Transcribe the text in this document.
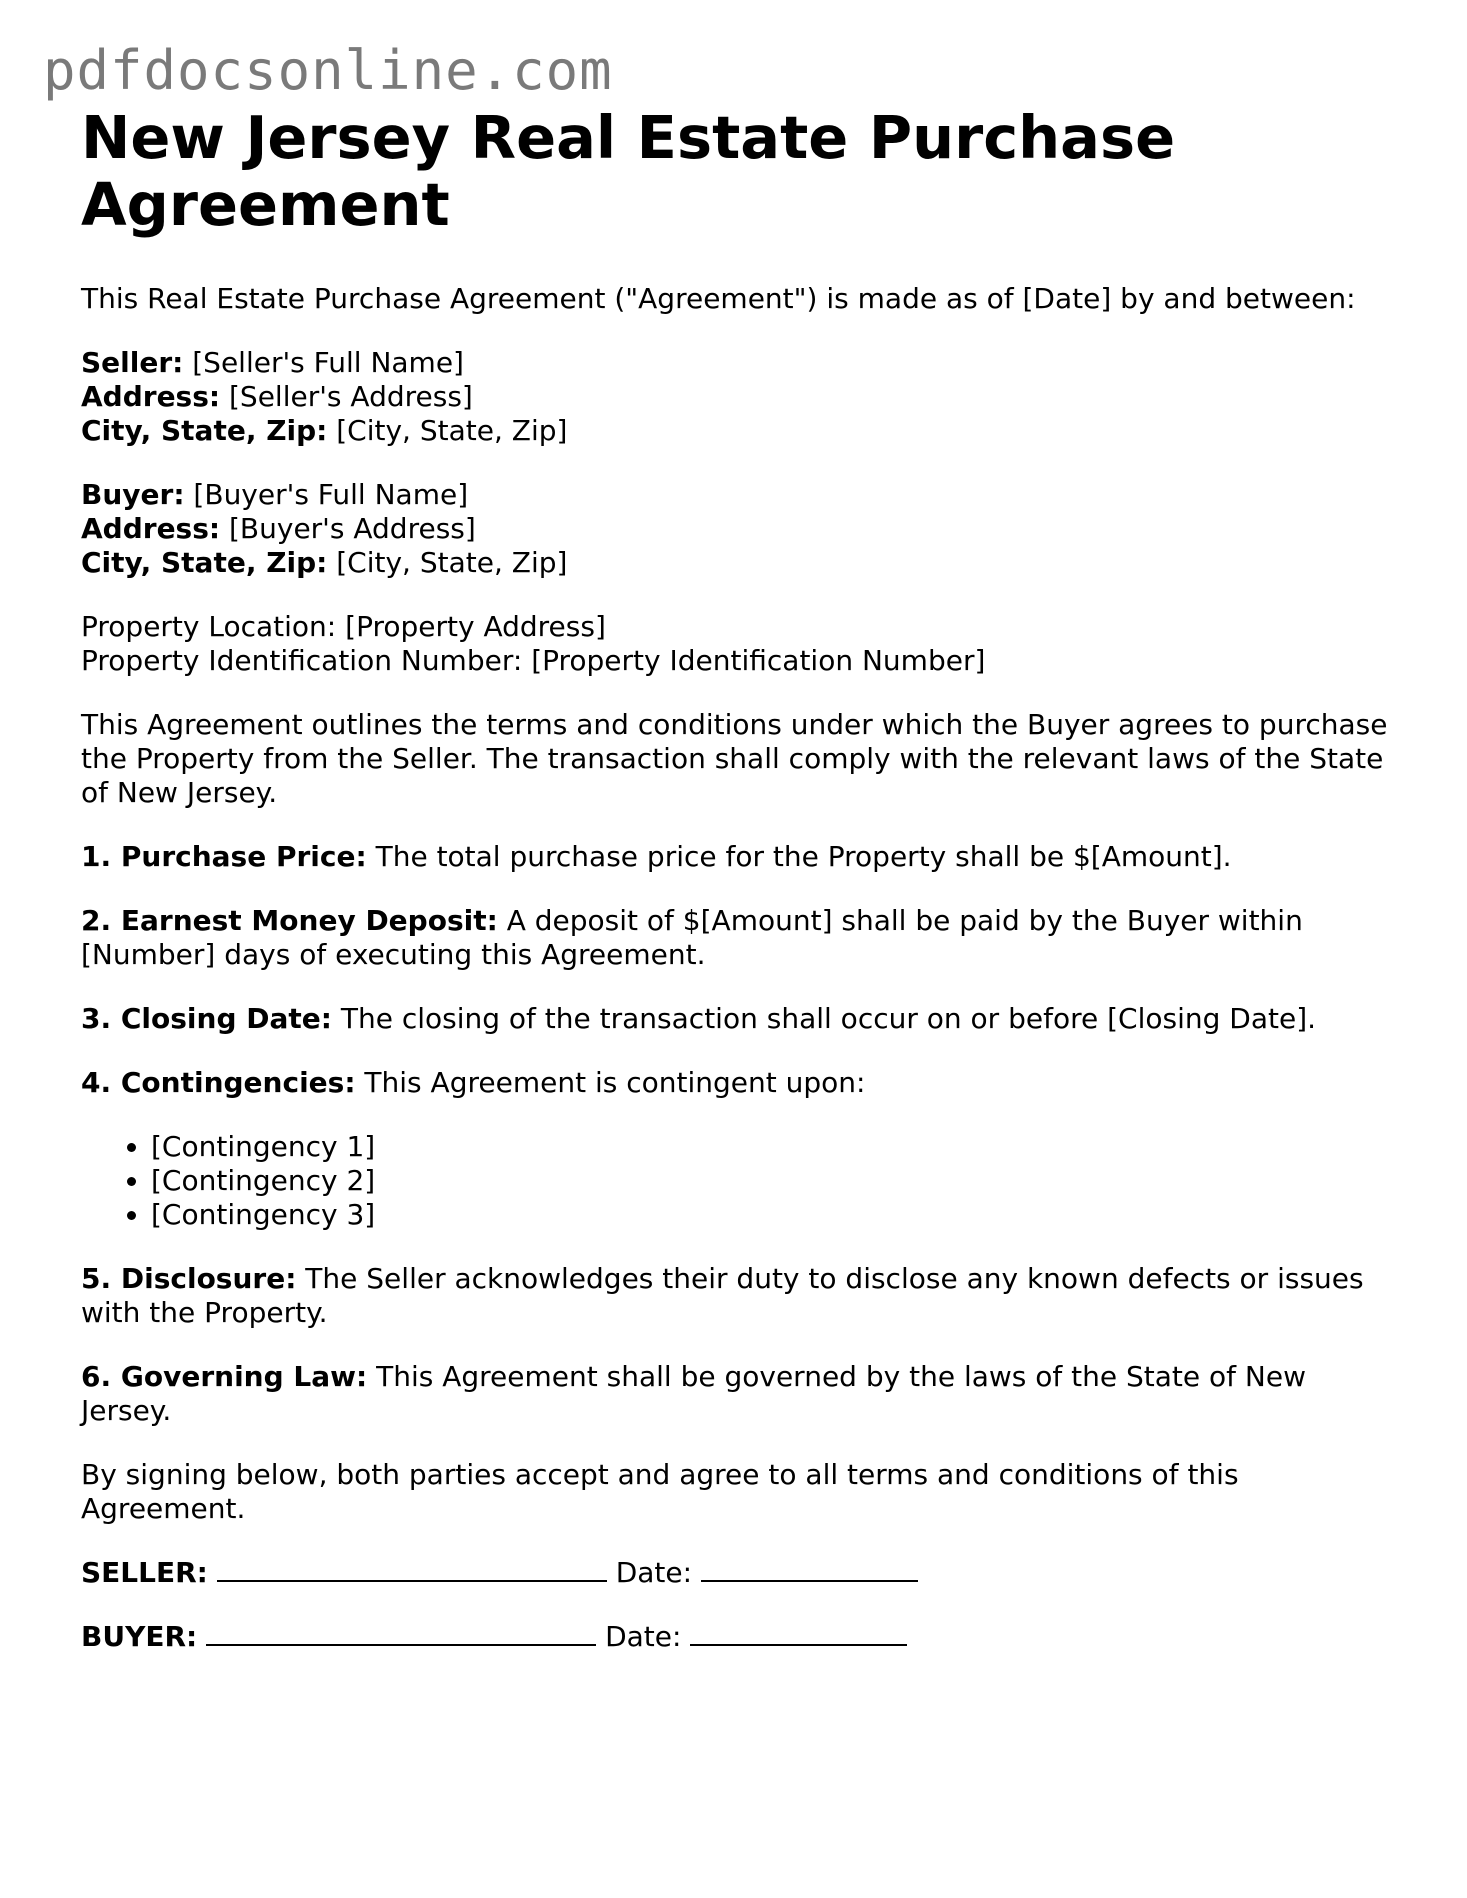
pdfdocsonline.com
New Jersey Real Estate Purchase Agreement

This Real Estate Purchase Agreement ("Agreement") is made as of [Date] by and between:

Seller: [Seller's Full Name]
Address: [Seller's Address]
City, State, Zip: [City, State, Zip]
Buyer: [Buyer's Full Name]
Address: [Buyer's Address]
City, State, Zip: [City, State, Zip]
Property Location: [Property Address]
Property Identification Number: [Property Identification Number]

This Agreement outlines the terms and conditions under which the Buyer agrees to purchase the Property from the Seller. The transaction shall comply with the relevant laws of the State of New Jersey.

1. Purchase Price: The total purchase price for the Property shall be $[Amount].

2. Earnest Money Deposit: A deposit of $[Amount] shall be paid by the Buyer within [Number] days of executing this Agreement.

3. Closing Date: The closing of the transaction shall occur on or before [Closing Date].

4. Contingencies: This Agreement is contingent upon:

• [Contingency 1]
• [Contingency 2]
• [Contingency 3]

5. Disclosure: The Seller acknowledges their duty to disclose any known defects or issues with the Property.

6. Governing Law: This Agreement shall be governed by the laws of the State of New Jersey.

By signing below, both parties accept and agree to all terms and conditions of this Agreement.

SELLER:	Date:
BUYER:	Date:
